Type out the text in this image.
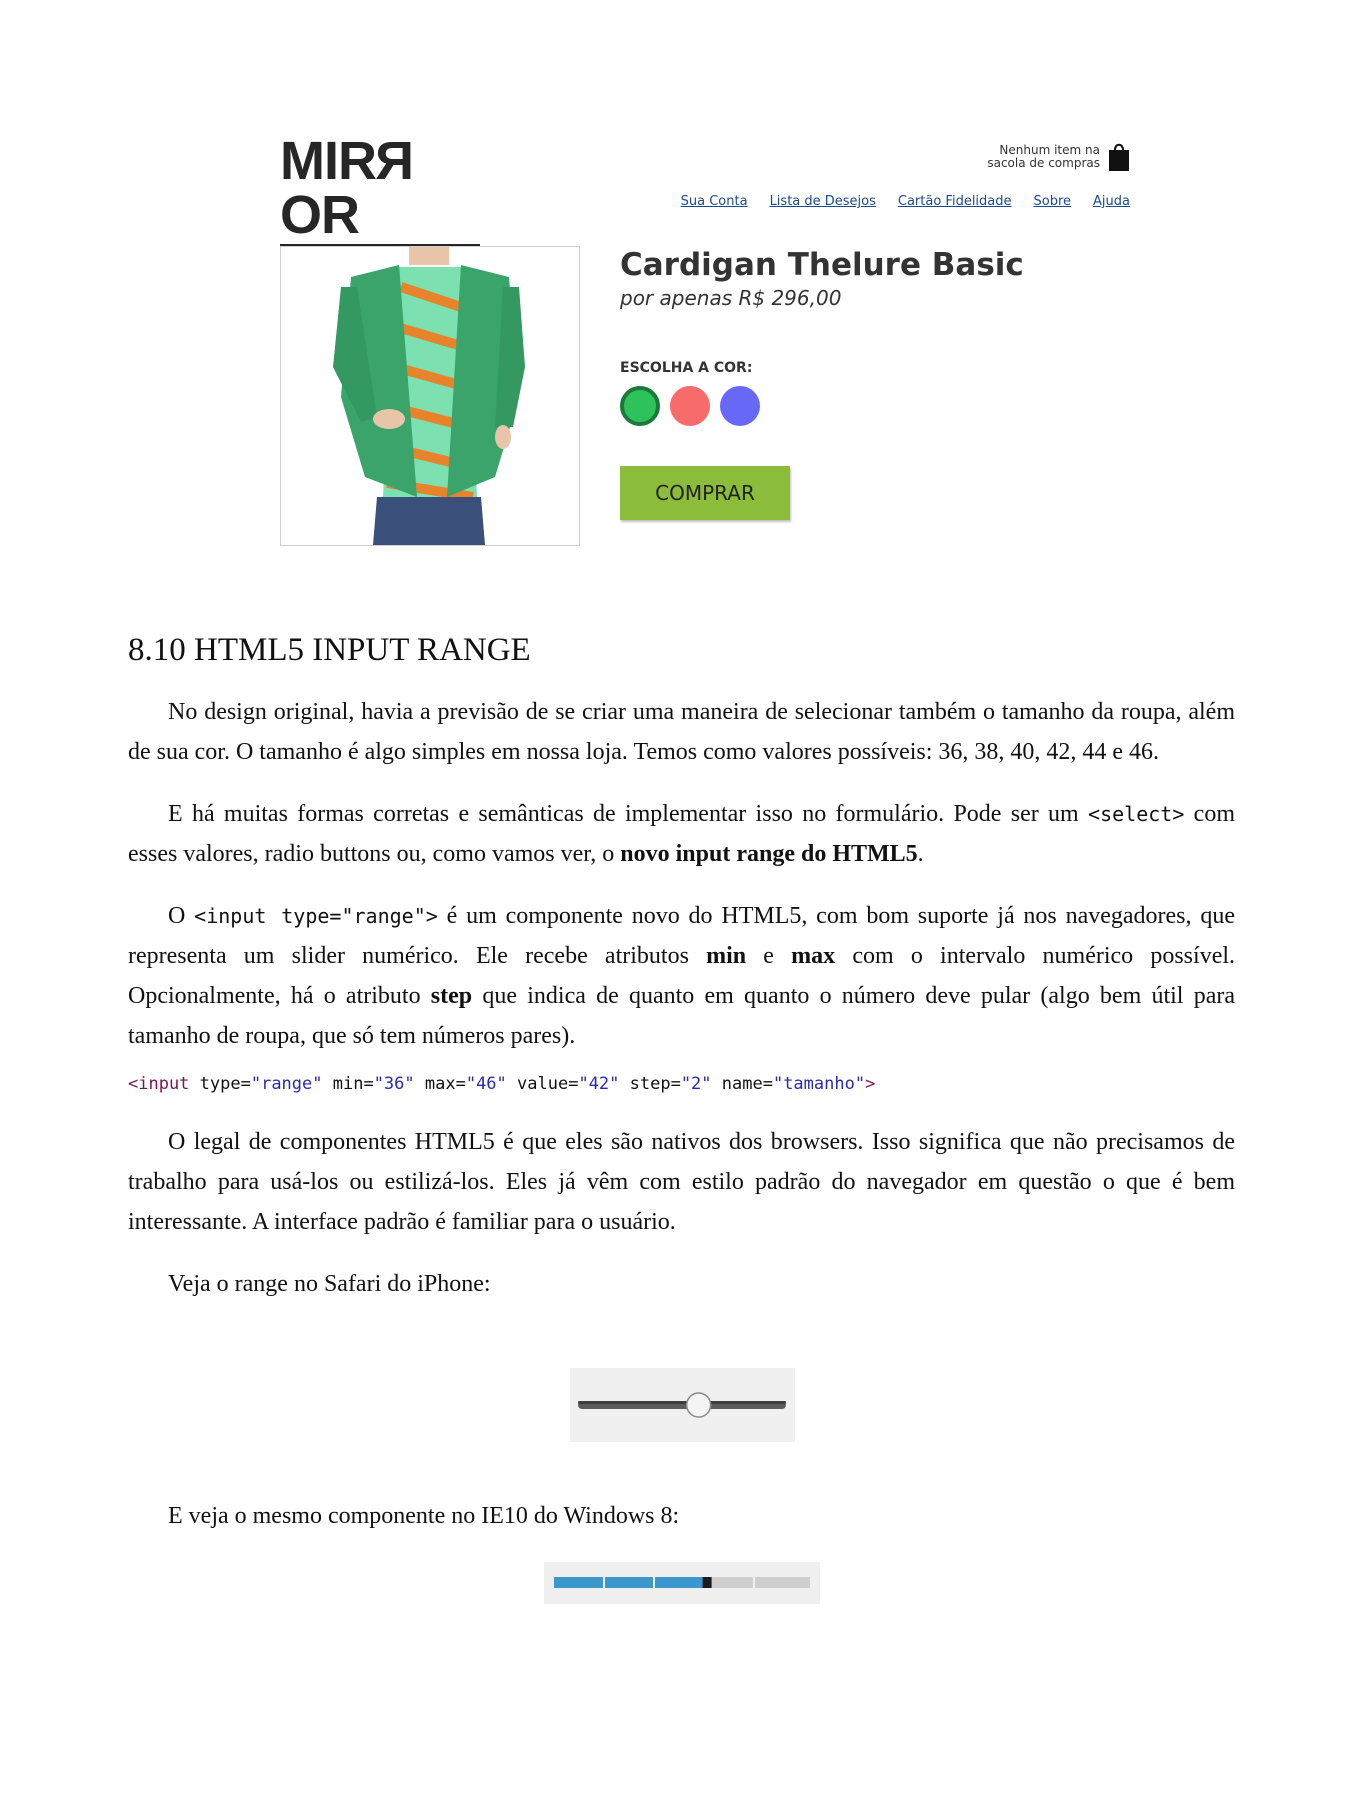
MIRROR
Nenhum item na sacola de compras
Sua Conta Lista de Desejos Cartão Fidelidade Sobre Ajuda
Cardigan Thelure Basic
por apenas R$ 296,00
ESCOLHA A COR:
COMPRAR
8.10 HTML5 INPUT RANGE

No design original, havia a previsão de se criar uma maneira de selecionar também o tamanho da roupa, além de sua cor. O tamanho é algo simples em nossa loja. Temos como valores possíveis: 36, 38, 40, 42, 44 e 46.

E há muitas formas corretas e semânticas de implementar isso no formulário. Pode ser um <select> com esses valores, radio buttons ou, como vamos ver, o novo input range do HTML5.

O <input type="range"> é um componente novo do HTML5, com bom suporte já nos navegadores, que representa um slider numérico. Ele recebe atributos min e max com o intervalo numérico possível. Opcionalmente, há o atributo step que indica de quanto em quanto o número deve pular (algo bem útil para tamanho de roupa, que só tem números pares).

<input type="range" min="36" max="46" value="42" step="2" name="tamanho">

O legal de componentes HTML5 é que eles são nativos dos browsers. Isso significa que não precisamos de trabalho para usá-los ou estilizá-los. Eles já vêm com estilo padrão do navegador em questão o que é bem interessante. A interface padrão é familiar para o usuário.

Veja o range no Safari do iPhone:

E veja o mesmo componente no IE10 do Windows 8:
